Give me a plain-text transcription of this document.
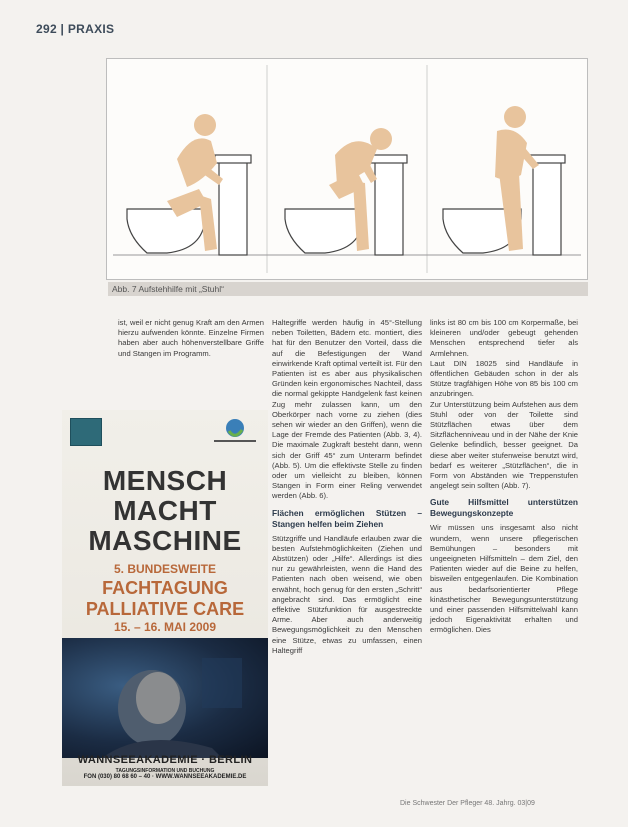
292 | PRAXIS
Abb. 7 Aufstehhilfe mit „Stuhl“

ist, weil er nicht genug Kraft am den Armen hierzu aufwenden könnte. Einzelne Firmen haben aber auch höhenverstellbare Griffe und Stangen im Programm.

Haltegriffe werden häufig in 45°-Stellung neben Toiletten, Bädern etc. montiert, dies hat für den Benutzer den Vorteil, dass die auf die Befestigungen der Wand einwirkende Kraft optimal verteilt ist. Für den Patienten ist es aber aus physikalischen Gründen kein ergonomisches Nachteil, dass die normal gekippte Handgelenk fast keinen Zug mehr zulassen kann, um den Oberkörper nach vorne zu ziehen (dies sehen wir wieder an den Griffen), wenn die Lage der Fremde des Patienten (Abb. 3, 4). Die maximale Zugkraft besteht dann, wenn sich der Griff 45° zum Unterarm befindet (Abb. 5). Um die effektivste Stelle zu finden oder um vielleicht zu bleiben, können Stangen in Form einer Reling verwendet werden (Abb. 6).

Flächen ermöglichen Stützen – Stangen helfen beim Ziehen

Stützgriffe und Handläufe erlauben zwar die besten Aufstehmöglichkeiten (Ziehen und Abstützen) oder „Hilfe“. Allerdings ist dies nur zu gewährleisten, wenn die Hand des Patienten nach oben weisend, wie oben erwähnt, hoch genug für den ersten „Schritt“ angebracht sind. Das ermöglicht eine effektive Stützfunktion für ausgestreckte Arme. Aber auch anderweitig Bewegungsmöglichkeit zu den Menschen eine Stütze, etwas zu umfassen, einen Haltegriff

links ist 80 cm bis 100 cm Korpermaße, bei kleineren und/oder gebeugt gehenden Menschen entsprechend tiefer als Armlehnen.

Laut DIN 18025 sind Handläufe in öffentlichen Gebäuden schon in der als Stütze tragfähigen Höhe von 85 bis 100 cm anzubringen.

Zur Unterstützung beim Aufstehen aus dem Stuhl oder von der Toilette sind Stützflächen etwas über dem Sitzflächenniveau und in der Nähe der Knie Gelenke befindlich, besser geeignet. Da diese aber weiter stufenweise benutzt wird, bedarf es weiterer „Stützflächen“, die in Form von Abständen wie Treppenstufen angelegt sein sollten (Abb. 7).

Gute Hilfsmittel unterstützen Bewegungskonzepte

Wir müssen uns insgesamt also nicht wundern, wenn unsere pflegerischen Bemühungen – besonders mit ungeeigneten Hilfsmitteln – dem Ziel, den Patienten wieder auf die Beine zu helfen, bisweilen entgegenlaufen. Die Kombination aus bedarfsorientierter Pflege kinästhetischer Bewegungsunterstützung und einer passenden Hilfsmittelwahl kann jedoch Eigenaktivität erhalten und ermöglichen. Dies

MENSCH
MACHT
MASCHINE
5. BUNDESWEITE
FACHTAGUNG
PALLIATIVE CARE
15. – 16. MAI 2009
WANNSEEAKADEMIE · BERLIN
TAGUNGSINFORMATION UND BUCHUNG
FON (030) 80 68 60 – 40 · WWW.WANNSEEAKADEMIE.DE
Die Schwester Der Pfleger 48. Jahrg. 03|09
